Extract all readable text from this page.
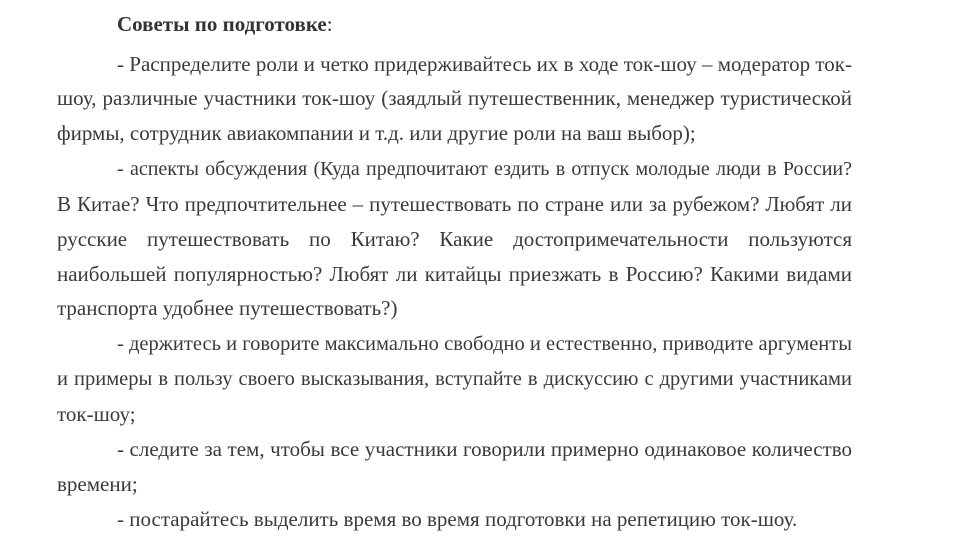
Советы по подготовке:
- Распределите роли и четко придерживайтесь их в ходе ток-шоу – модератор ток-
шоу, различные участники ток-шоу (заядлый путешественник, менеджер туристической
фирмы, сотрудник авиакомпании и т.д. или другие роли на ваш выбор);
- аспекты обсуждения (Куда предпочитают ездить в отпуск молодые люди в России?
В Китае? Что предпочтительнее – путешествовать по стране или за рубежом? Любят ли
русские путешествовать по Китаю? Какие достопримечательности пользуются
наибольшей популярностью? Любят ли китайцы приезжать в Россию? Какими видами
транспорта удобнее путешествовать?)
- держитесь и говорите максимально свободно и естественно, приводите аргументы
и примеры в пользу своего высказывания, вступайте в дискуссию с другими участниками
ток-шоу;
- следите за тем, чтобы все участники говорили примерно одинаковое количество
времени;
- постарайтесь выделить время во время подготовки на репетицию ток-шоу.
